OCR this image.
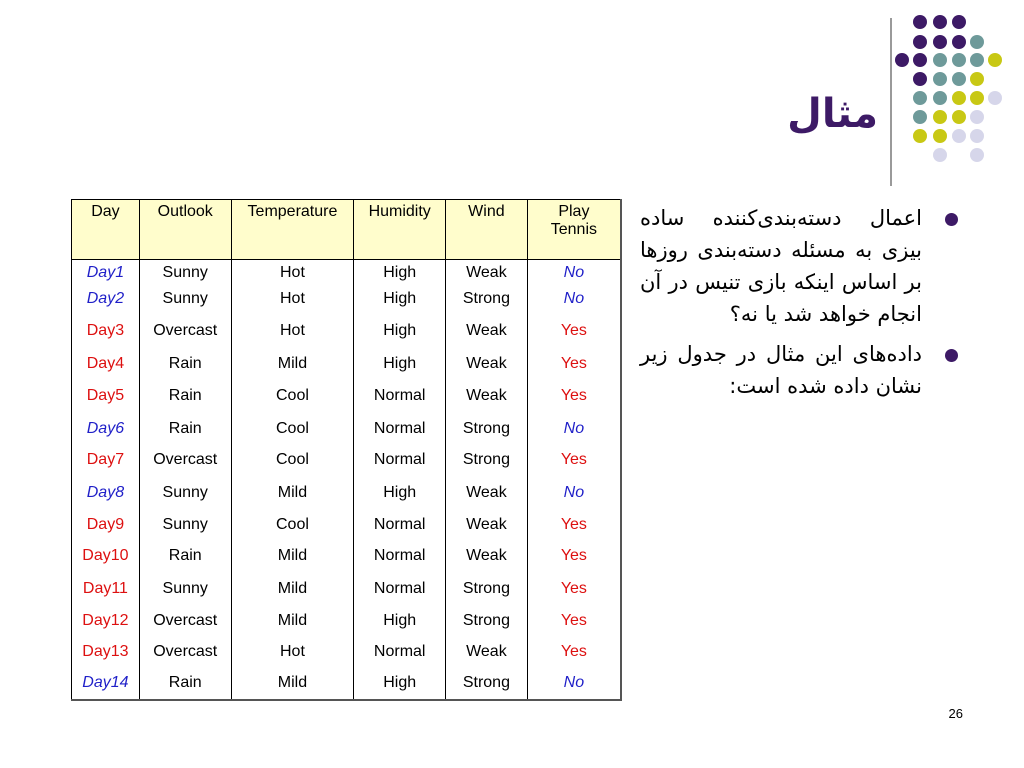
مثال
Day	Outlook	Temperature	Humidity	Wind	Play Tennis

Day1	Sunny	Hot	High	Weak	No
Day2	Sunny	Hot	High	Strong	No
Day3	Overcast	Hot	High	Weak	Yes
Day4	Rain	Mild	High	Weak	Yes
Day5	Rain	Cool	Normal	Weak	Yes
Day6	Rain	Cool	Normal	Strong	No
Day7	Overcast	Cool	Normal	Strong	Yes
Day8	Sunny	Mild	High	Weak	No
Day9	Sunny	Cool	Normal	Weak	Yes
Day10	Rain	Mild	Normal	Weak	Yes
Day11	Sunny	Mild	Normal	Strong	Yes
Day12	Overcast	Mild	High	Strong	Yes
Day13	Overcast	Hot	Normal	Weak	Yes
Day14	Rain	Mild	High	Strong	No
اعمال دسته‌بندی‌کننده ساده بیزی به مسئله دسته‌بندی روزها بر اساس اینکه بازی تنیس در آن انجام خواهد شد یا نه؟
داده‌های این مثال در جدول زیر نشان داده شده است:
26
